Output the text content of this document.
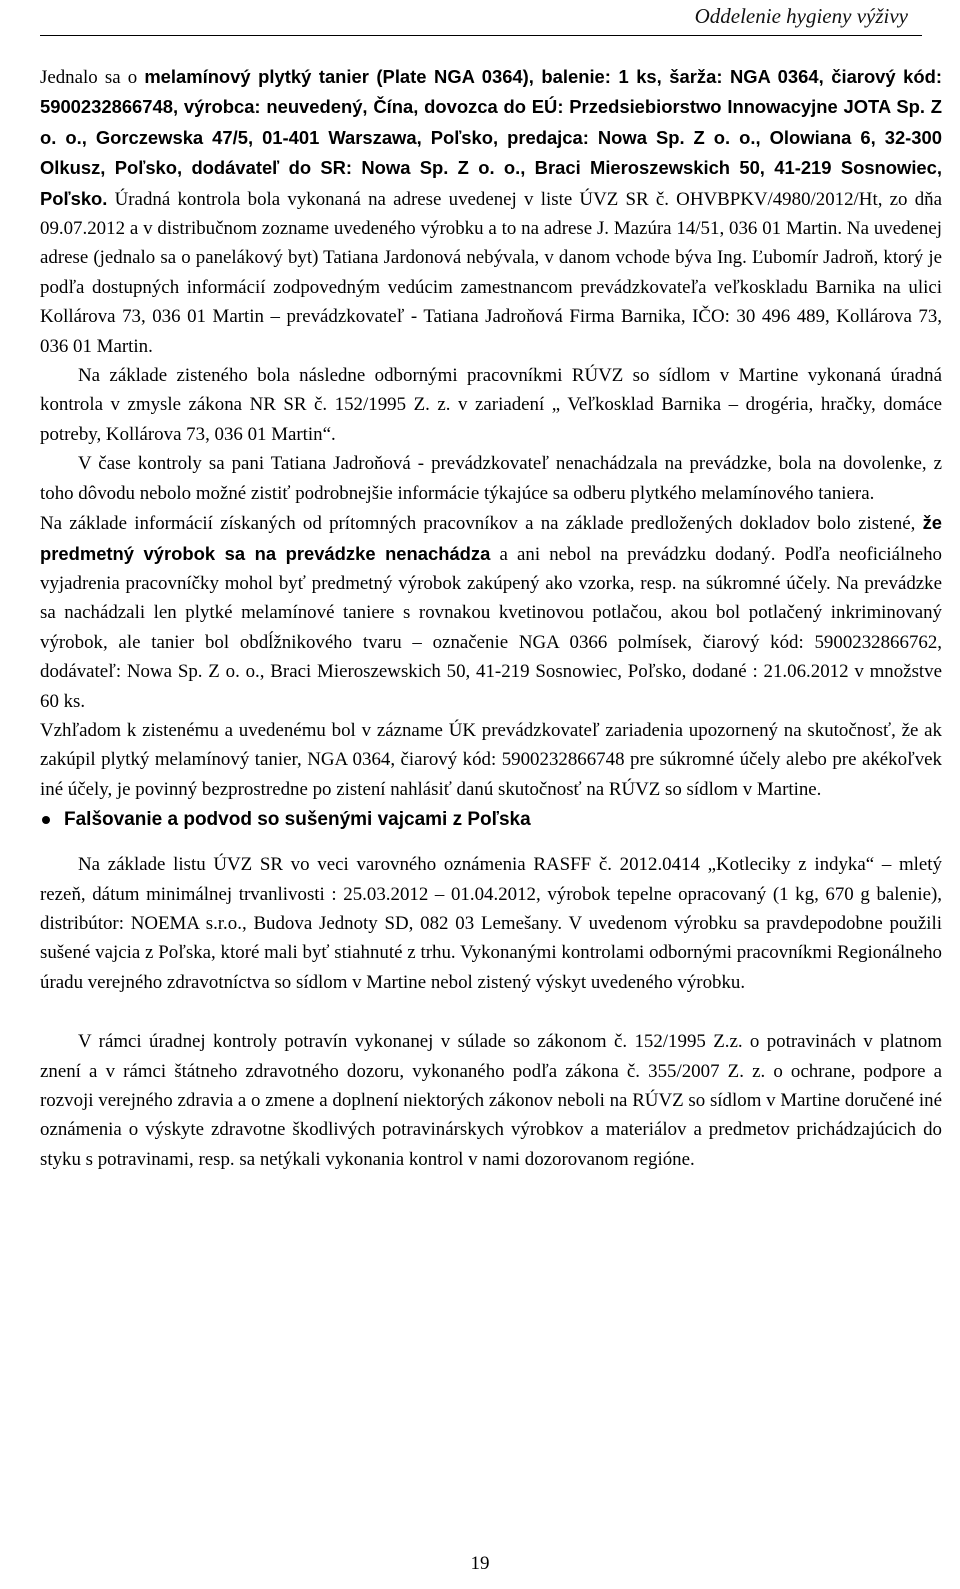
Oddelenie hygieny výživy

Jednalo sa o melamínový plytký tanier (Plate NGA 0364), balenie: 1 ks, šarža: NGA 0364, čiarový kód: 5900232866748, výrobca: neuvedený, Čína, dovozca do EÚ: Przedsiebiorstwo Innowacyjne JOTA Sp. Z o. o., Gorczewska 47/5, 01-401 Warszawa, Poľsko, predajca: Nowa Sp. Z o. o., Olowiana 6, 32-300 Olkusz, Poľsko, dodávateľ do SR: Nowa Sp. Z o. o., Braci Mieroszewskich 50, 41-219 Sosnowiec, Poľsko. Úradná kontrola bola vykonaná na adrese uvedenej v liste ÚVZ SR č. OHVBPKV/4980/2012/Ht, zo dňa 09.07.2012 a v distribučnom zozname uvedeného výrobku a to na adrese J. Mazúra 14/51, 036 01 Martin. Na uvedenej adrese (jednalo sa o panelákový byt) Tatiana Jardonová nebývala, v danom vchode býva Ing. Ľubomír Jadroň, ktorý je podľa dostupných informácií zodpovedným vedúcim zamestnancom prevádzkovateľa veľkoskladu Barnika na ulici Kollárova 73, 036 01 Martin – prevádzkovateľ - Tatiana Jadroňová Firma Barnika, IČO: 30 496 489, Kollárova 73, 036 01 Martin.

Na základe zisteného bola následne odbornými pracovníkmi RÚVZ so sídlom v Martine vykonaná úradná kontrola v zmysle zákona NR SR č. 152/1995 Z. z. v zariadení „ Veľkosklad Barnika – drogéria, hračky, domáce potreby, Kollárova 73, 036 01 Martin“.

V čase kontroly sa pani Tatiana Jadroňová - prevádzkovateľ nenachádzala na prevádzke, bola na dovolenke, z toho dôvodu nebolo možné zistiť podrobnejšie informácie týkajúce sa odberu plytkého melamínového taniera.

Na základe informácií získaných od prítomných pracovníkov a na základe predložených dokladov bolo zistené, že predmetný výrobok sa na prevádzke nenachádza a ani nebol na prevádzku dodaný. Podľa neoficiálneho vyjadrenia pracovníčky mohol byť predmetný výrobok zakúpený ako vzorka, resp. na súkromné účely. Na prevádzke sa nachádzali len plytké melamínové taniere s rovnakou kvetinovou potlačou, akou bol potlačený inkriminovaný výrobok, ale tanier bol obdĺžnikového tvaru – označenie NGA 0366 polmísek, čiarový kód: 5900232866762, dodávateľ: Nowa Sp. Z o. o., Braci Mieroszewskich 50, 41-219 Sosnowiec, Poľsko, dodané : 21.06.2012 v množstve 60 ks.

Vzhľadom k zistenému a uvedenému bol v zázname ÚK prevádzkovateľ zariadenia upozornený na skutočnosť, že ak zakúpil plytký melamínový tanier, NGA 0364, čiarový kód: 5900232866748 pre súkromné účely alebo pre akékoľvek iné účely, je povinný bezprostredne po zistení nahlásiť danú skutočnosť na RÚVZ so sídlom v Martine.

Falšovanie a podvod so sušenými vajcami z Poľska

Na základe listu ÚVZ SR vo veci varovného oznámenia RASFF č. 2012.0414 „Kotleciky z indyka“ – mletý rezeň, dátum minimálnej trvanlivosti : 25.03.2012 – 01.04.2012, výrobok tepelne opracovaný (1 kg, 670 g balenie), distribútor: NOEMA s.r.o., Budova Jednoty SD, 082 03 Lemešany. V uvedenom výrobku sa pravdepodobne použili sušené vajcia z Poľska, ktoré mali byť stiahnuté z trhu. Vykonanými kontrolami odbornými pracovníkmi Regionálneho úradu verejného zdravotníctva so sídlom v Martine nebol zistený výskyt uvedeného výrobku.

V rámci úradnej kontroly potravín vykonanej v súlade so zákonom č. 152/1995 Z.z. o potravinách v platnom znení a v rámci štátneho zdravotného dozoru, vykonaného podľa zákona č. 355/2007 Z. z. o ochrane, podpore a rozvoji verejného zdravia a o zmene a doplnení niektorých zákonov neboli na RÚVZ so sídlom v Martine doručené iné oznámenia o výskyte zdravotne škodlivých potravinárskych výrobkov a materiálov a predmetov prichádzajúcich do styku s potravinami, resp. sa netýkali vykonania kontrol v nami dozorovanom regióne.

19
